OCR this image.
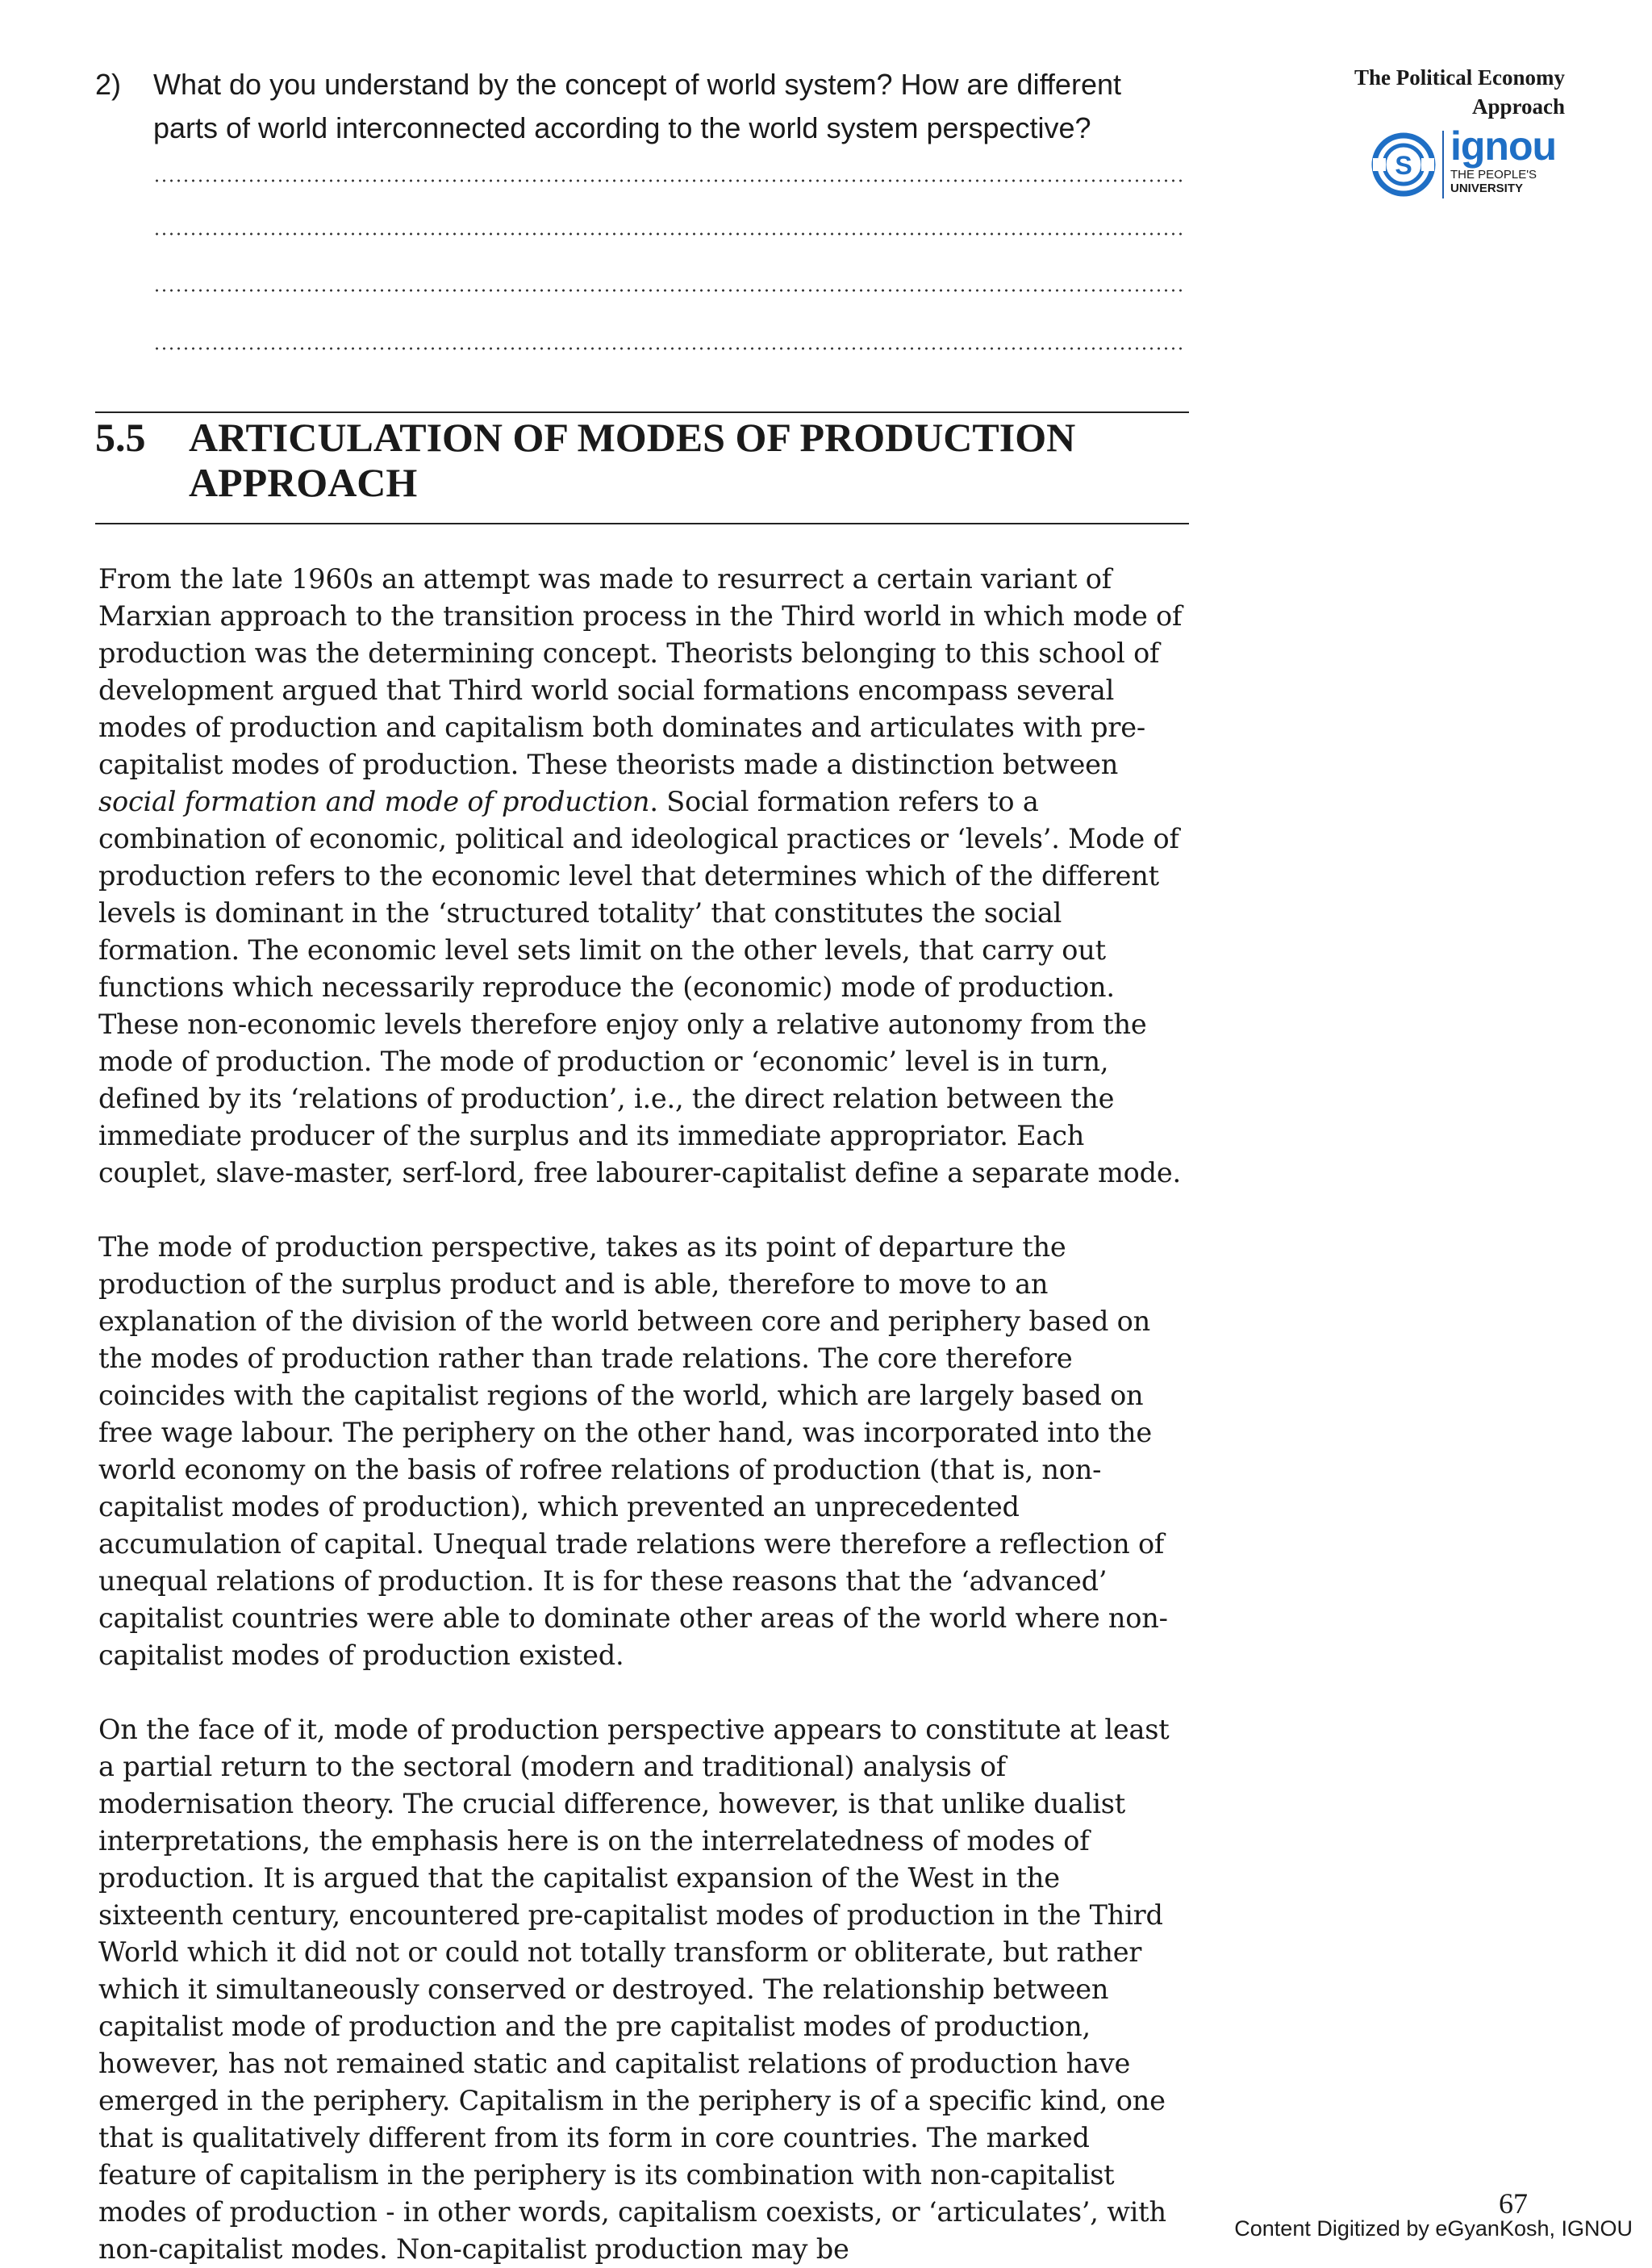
2) What do you understand by the concept of world system? How are different parts of world interconnected according to the world system perspective?
The Political Economy
Approach
S ignou
THE PEOPLE'S
UNIVERSITY
5.5 ARTICULATION OF MODES OF PRODUCTION APPROACH

From the late 1960s an attempt was made to resurrect a certain variant of Marxian approach to the transition process in the Third world in which mode of production was the determining concept. Theorists belonging to this school of development argued that Third world social formations encompass several modes of production and capitalism both dominates and articulates with pre-capitalist modes of production. These theorists made a distinction between social formation and mode of production. Social formation refers to a combination of economic, political and ideological practices or ‘levels’. Mode of production refers to the economic level that determines which of the different levels is dominant in the ‘structured totality’ that constitutes the social formation. The economic level sets limit on the other levels, that carry out functions which necessarily reproduce the (economic) mode of production. These non-economic levels therefore enjoy only a relative autonomy from the mode of production. The mode of production or ‘economic’ level is in turn, defined by its ‘relations of production’, i.e., the direct relation between the immediate producer of the surplus and its immediate appropriator. Each couplet, slave-master, serf-lord, free labourer-capitalist define a separate mode.

The mode of production perspective, takes as its point of departure the production of the surplus product and is able, therefore to move to an explanation of the division of the world between core and periphery based on the modes of production rather than trade relations. The core therefore coincides with the capitalist regions of the world, which are largely based on free wage labour. The periphery on the other hand, was incorporated into the world economy on the basis of rofree relations of production (that is, non-capitalist modes of production), which prevented an unprecedented accumulation of capital. Unequal trade relations were therefore a reflection of unequal relations of production. It is for these reasons that the ‘advanced’ capitalist countries were able to dominate other areas of the world where non-capitalist modes of production existed.

On the face of it, mode of production perspective appears to constitute at least a partial return to the sectoral (modern and traditional) analysis of modernisation theory. The crucial difference, however, is that unlike dualist interpretations, the emphasis here is on the interrelatedness of modes of production. It is argued that the capitalist expansion of the West in the sixteenth century, encountered pre-capitalist modes of production in the Third World which it did not or could not totally transform or obliterate, but rather which it simultaneously conserved or destroyed. The relationship between capitalist mode of production and the pre capitalist modes of production, however, has not remained static and capitalist relations of production have emerged in the periphery. Capitalism in the periphery is of a specific kind, one that is qualitatively different from its form in core countries. The marked feature of capitalism in the periphery is its combination with non-capitalist modes of production - in other words, capitalism coexists, or ‘articulates’, with non-capitalist modes. Non-capitalist production may be

67
Content Digitized by eGyanKosh, IGNOU
